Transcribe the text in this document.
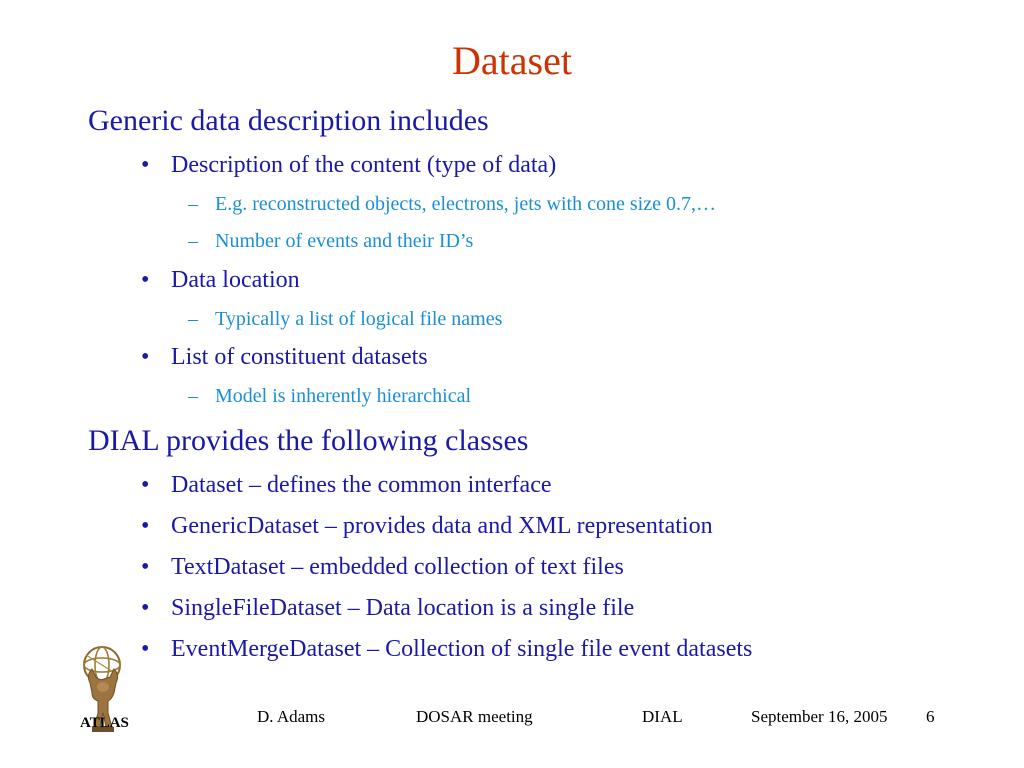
Dataset
Generic data description includes
• Description of the content (type of data)
– E.g. reconstructed objects, electrons, jets with cone size 0.7,…
– Number of events and their ID’s
• Data location
– Typically a list of logical file names
• List of constituent datasets
– Model is inherently hierarchical
DIAL provides the following classes
• Dataset – defines the common interface
• GenericDataset – provides data and XML representation
• TextDataset – embedded collection of text files
• SingleFileDataset – Data location is a single file
• EventMergeDataset – Collection of single file event datasets
ATLAS	D. Adams	DOSAR meeting	DIAL	September 16, 2005 6
